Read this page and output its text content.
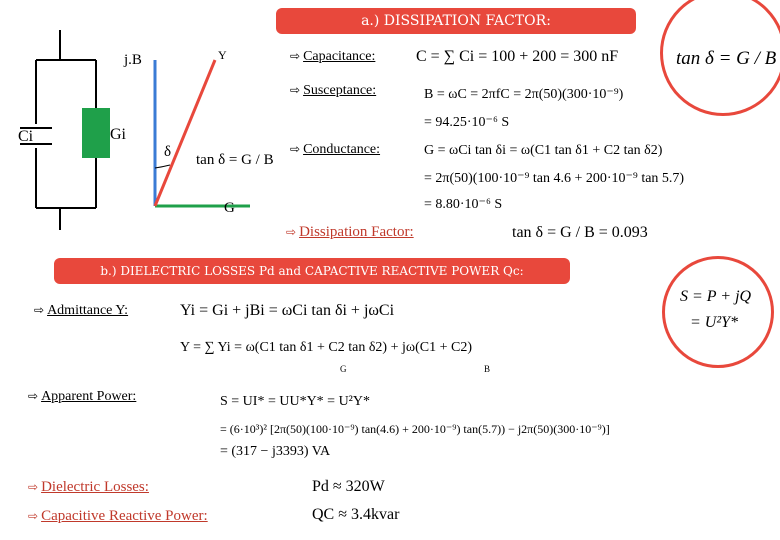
tan δ = G / B
a.) DISSIPATION FACTOR:
Ci	Gi
j.B	Y
δ
G
tan δ = G / B
⇨ Capacitance:	C = ∑ Ci = 100 + 200 = 300 nF
⇨ Susceptance:	B = ωC = 2πfC = 2π(50)(300·10⁻⁹)
= 94.25·10⁻⁶ S
⇨ Conductance:	G = ωCi tan δi = ω(C1 tan δ1 + C2 tan δ2)
= 2π(50)(100·10⁻⁹ tan 4.6 + 200·10⁻⁹ tan 5.7)
= 8.80·10⁻⁶ S
⇨ Dissipation Factor:	tan δ = G / B = 0.093
b.) DIELECTRIC LOSSES Pd and CAPACTIVE REACTIVE POWER Qc:
S = P + jQ
= U²Y*
⇨ Admittance Y:	Yi = Gi + jBi = ωCi tan δi + jωCi
Y = ∑ Yi = ω(C1 tan δ1 + C2 tan δ2) + jω(C1 + C2)
G	B
⇨ Apparent Power:	S = UI* = UU*Y* = U²Y*
= (6·10³)² [2π(50)(100·10⁻⁹) tan(4.6) + 200·10⁻⁹) tan(5.7)) − j2π(50)(300·10⁻⁹)]
= (317 − j3393) VA
⇨ Dielectric Losses:	Pd ≈ 320W
⇨ Capacitive Reactive Power:	QC ≈ 3.4kvar
